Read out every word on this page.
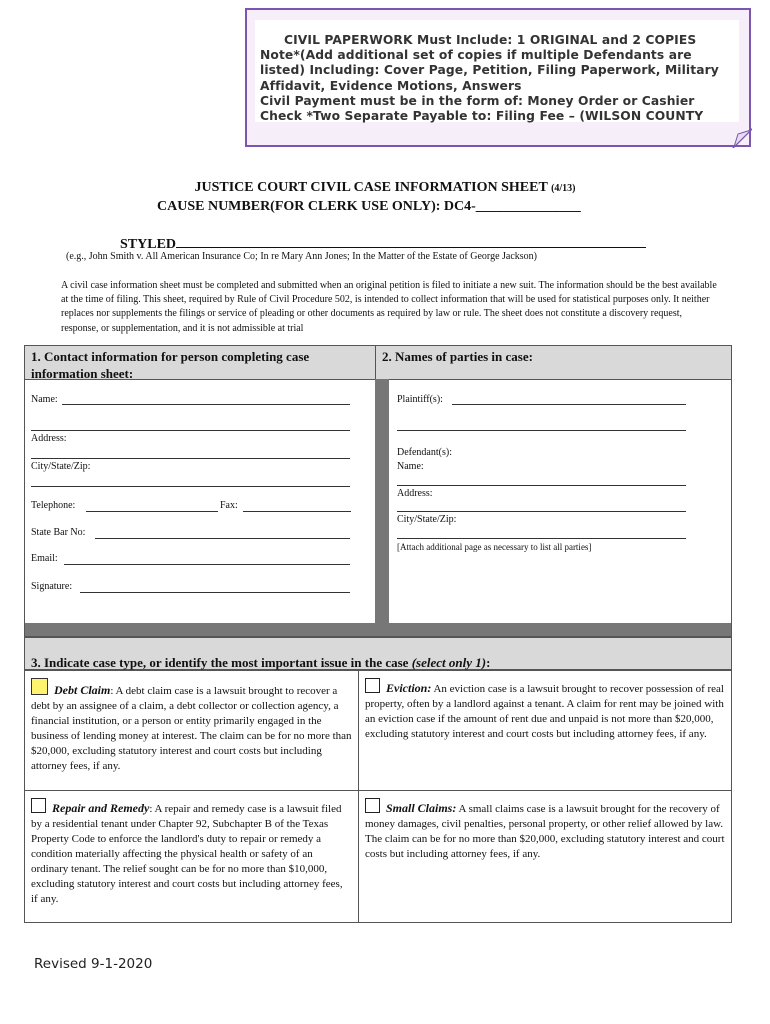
CIVIL PAPERWORK Must Include: 1 ORIGINAL and 2 COPIES
Note*(Add additional set of copies if multiple Defendants are
listed) Including: Cover Page, Petition, Filing Paperwork, Military
Affidavit, Evidence Motions, Answers
Civil Payment must be in the form of: Money Order or Cashier
Check *Two Separate Payable to: Filing Fee – (WILSON COUNTY
JUSTICE COURT CIVIL CASE INFORMATION SHEET (4/13)
CAUSE NUMBER(FOR CLERK USE ONLY): DC4-_______________
STYLED
(e.g., John Smith v. All American Insurance Co; In re Mary Ann Jones; In the Matter of the Estate of George Jackson)
A civil case information sheet must be completed and submitted when an original petition is filed to initiate a new suit. The information should be the best available at the time of filing. This sheet, required by Rule of Civil Procedure 502, is intended to collect information that will be used for statistical purposes only. It neither replaces nor supplements the filings or service of pleading or other documents as required by law or rule. The sheet does not constitute a discovery request, response, or supplementation, and it is not admissible at trial
1. Contact information for person completing case information sheet:
2. Names of parties in case:
Name:
Address:
City/State/Zip:
Telephone:	Fax:
State Bar No:
Email:
Signature:
Plaintiff(s):
Defendant(s):
Name:
Address:
City/State/Zip:
[Attach additional page as necessary to list all parties]
3. Indicate case type, or identify the most important issue in the case (select only 1):
Debt Claim: A debt claim case is a lawsuit brought to recover a debt by an assignee of a claim, a debt collector or collection agency, a financial institution, or a person or entity primarily engaged in the business of lending money at interest. The claim can be for no more than $20,000, excluding statutory interest and court costs but including attorney fees, if any.
Eviction: An eviction case is a lawsuit brought to recover possession of real property, often by a landlord against a tenant. A claim for rent may be joined with an eviction case if the amount of rent due and unpaid is not more than $20,000, excluding statutory interest and court costs but including attorney fees, if any.
Repair and Remedy: A repair and remedy case is a lawsuit filed by a residential tenant under Chapter 92, Subchapter B of the Texas Property Code to enforce the landlord's duty to repair or remedy a condition materially affecting the physical health or safety of an ordinary tenant. The relief sought can be for no more than $10,000, excluding statutory interest and court costs but including attorney fees, if any.
Small Claims: A small claims case is a lawsuit brought for the recovery of money damages, civil penalties, personal property, or other relief allowed by law. The claim can be for no more than $20,000, excluding statutory interest and court costs but including attorney fees, if any.
Revised 9-1-2020
